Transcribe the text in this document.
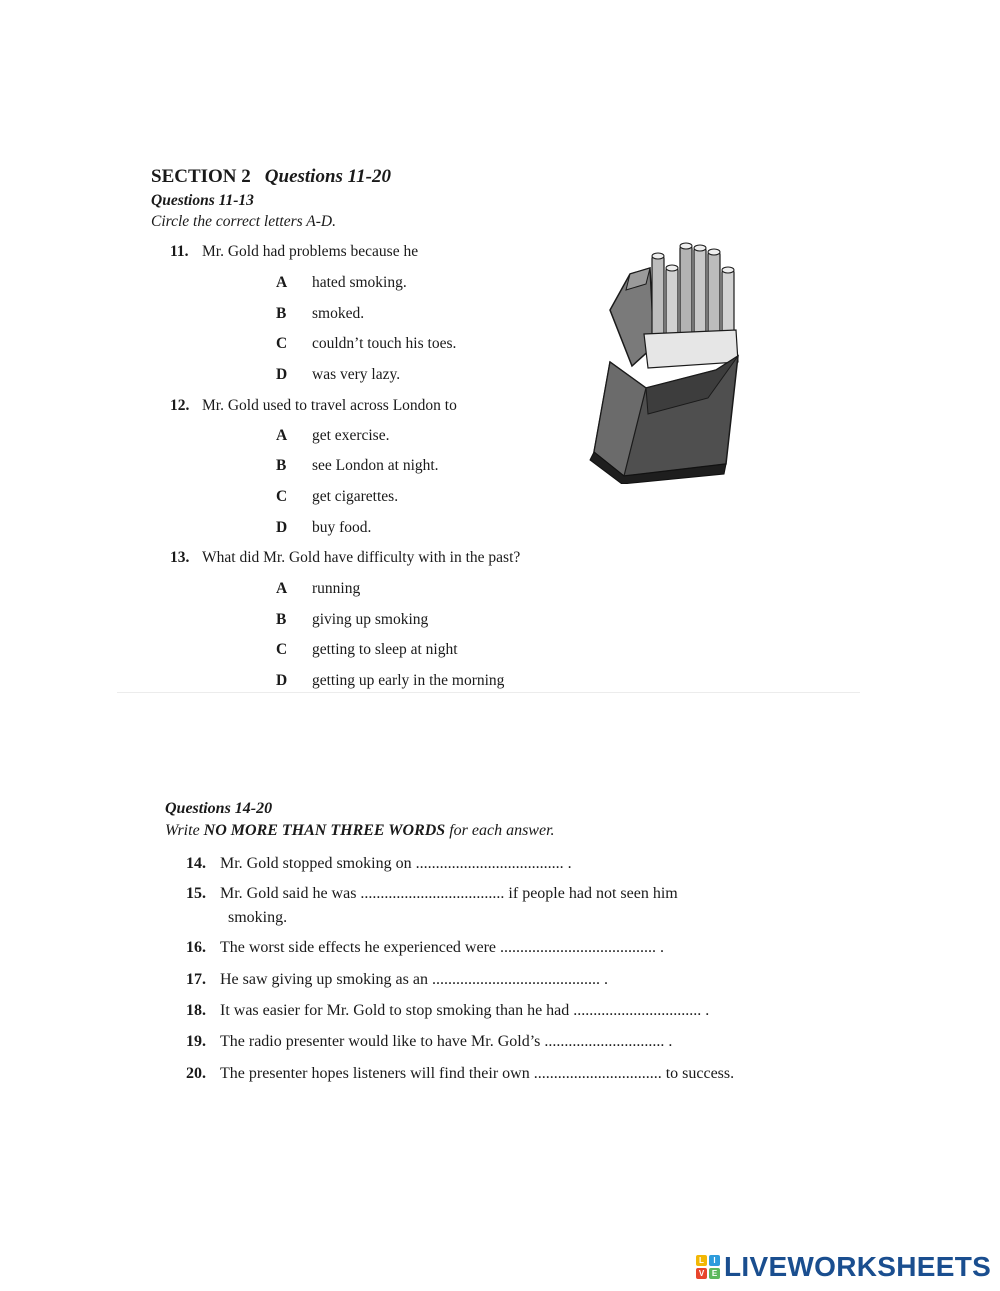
SECTION 2 Questions 11-20
Questions 11-13
Circle the correct letters A-D.
11. Mr. Gold had problems because he
A hated smoking.
B smoked.
C couldn’t touch his toes.
D was very lazy.
12. Mr. Gold used to travel across London to
A get exercise.
B see London at night.
C get cigarettes.
D buy food.
13. What did Mr. Gold have difficulty with in the past?
A running
B giving up smoking
C getting to sleep at night
D getting up early in the morning
Questions 14-20
Write NO MORE THAN THREE WORDS for each answer.
14. Mr. Gold stopped smoking on ..................................... .
15. Mr. Gold said he was .................................... if people had not seen him
smoking.
16. The worst side effects he experienced were ....................................... .
17. He saw giving up smoking as an .......................................... .
18. It was easier for Mr. Gold to stop smoking than he had ................................ .
19. The radio presenter would like to have Mr. Gold’s .............................. .
20. The presenter hopes listeners will find their own ................................ to success.
L	I
V E LIVEWORKSHEETS
